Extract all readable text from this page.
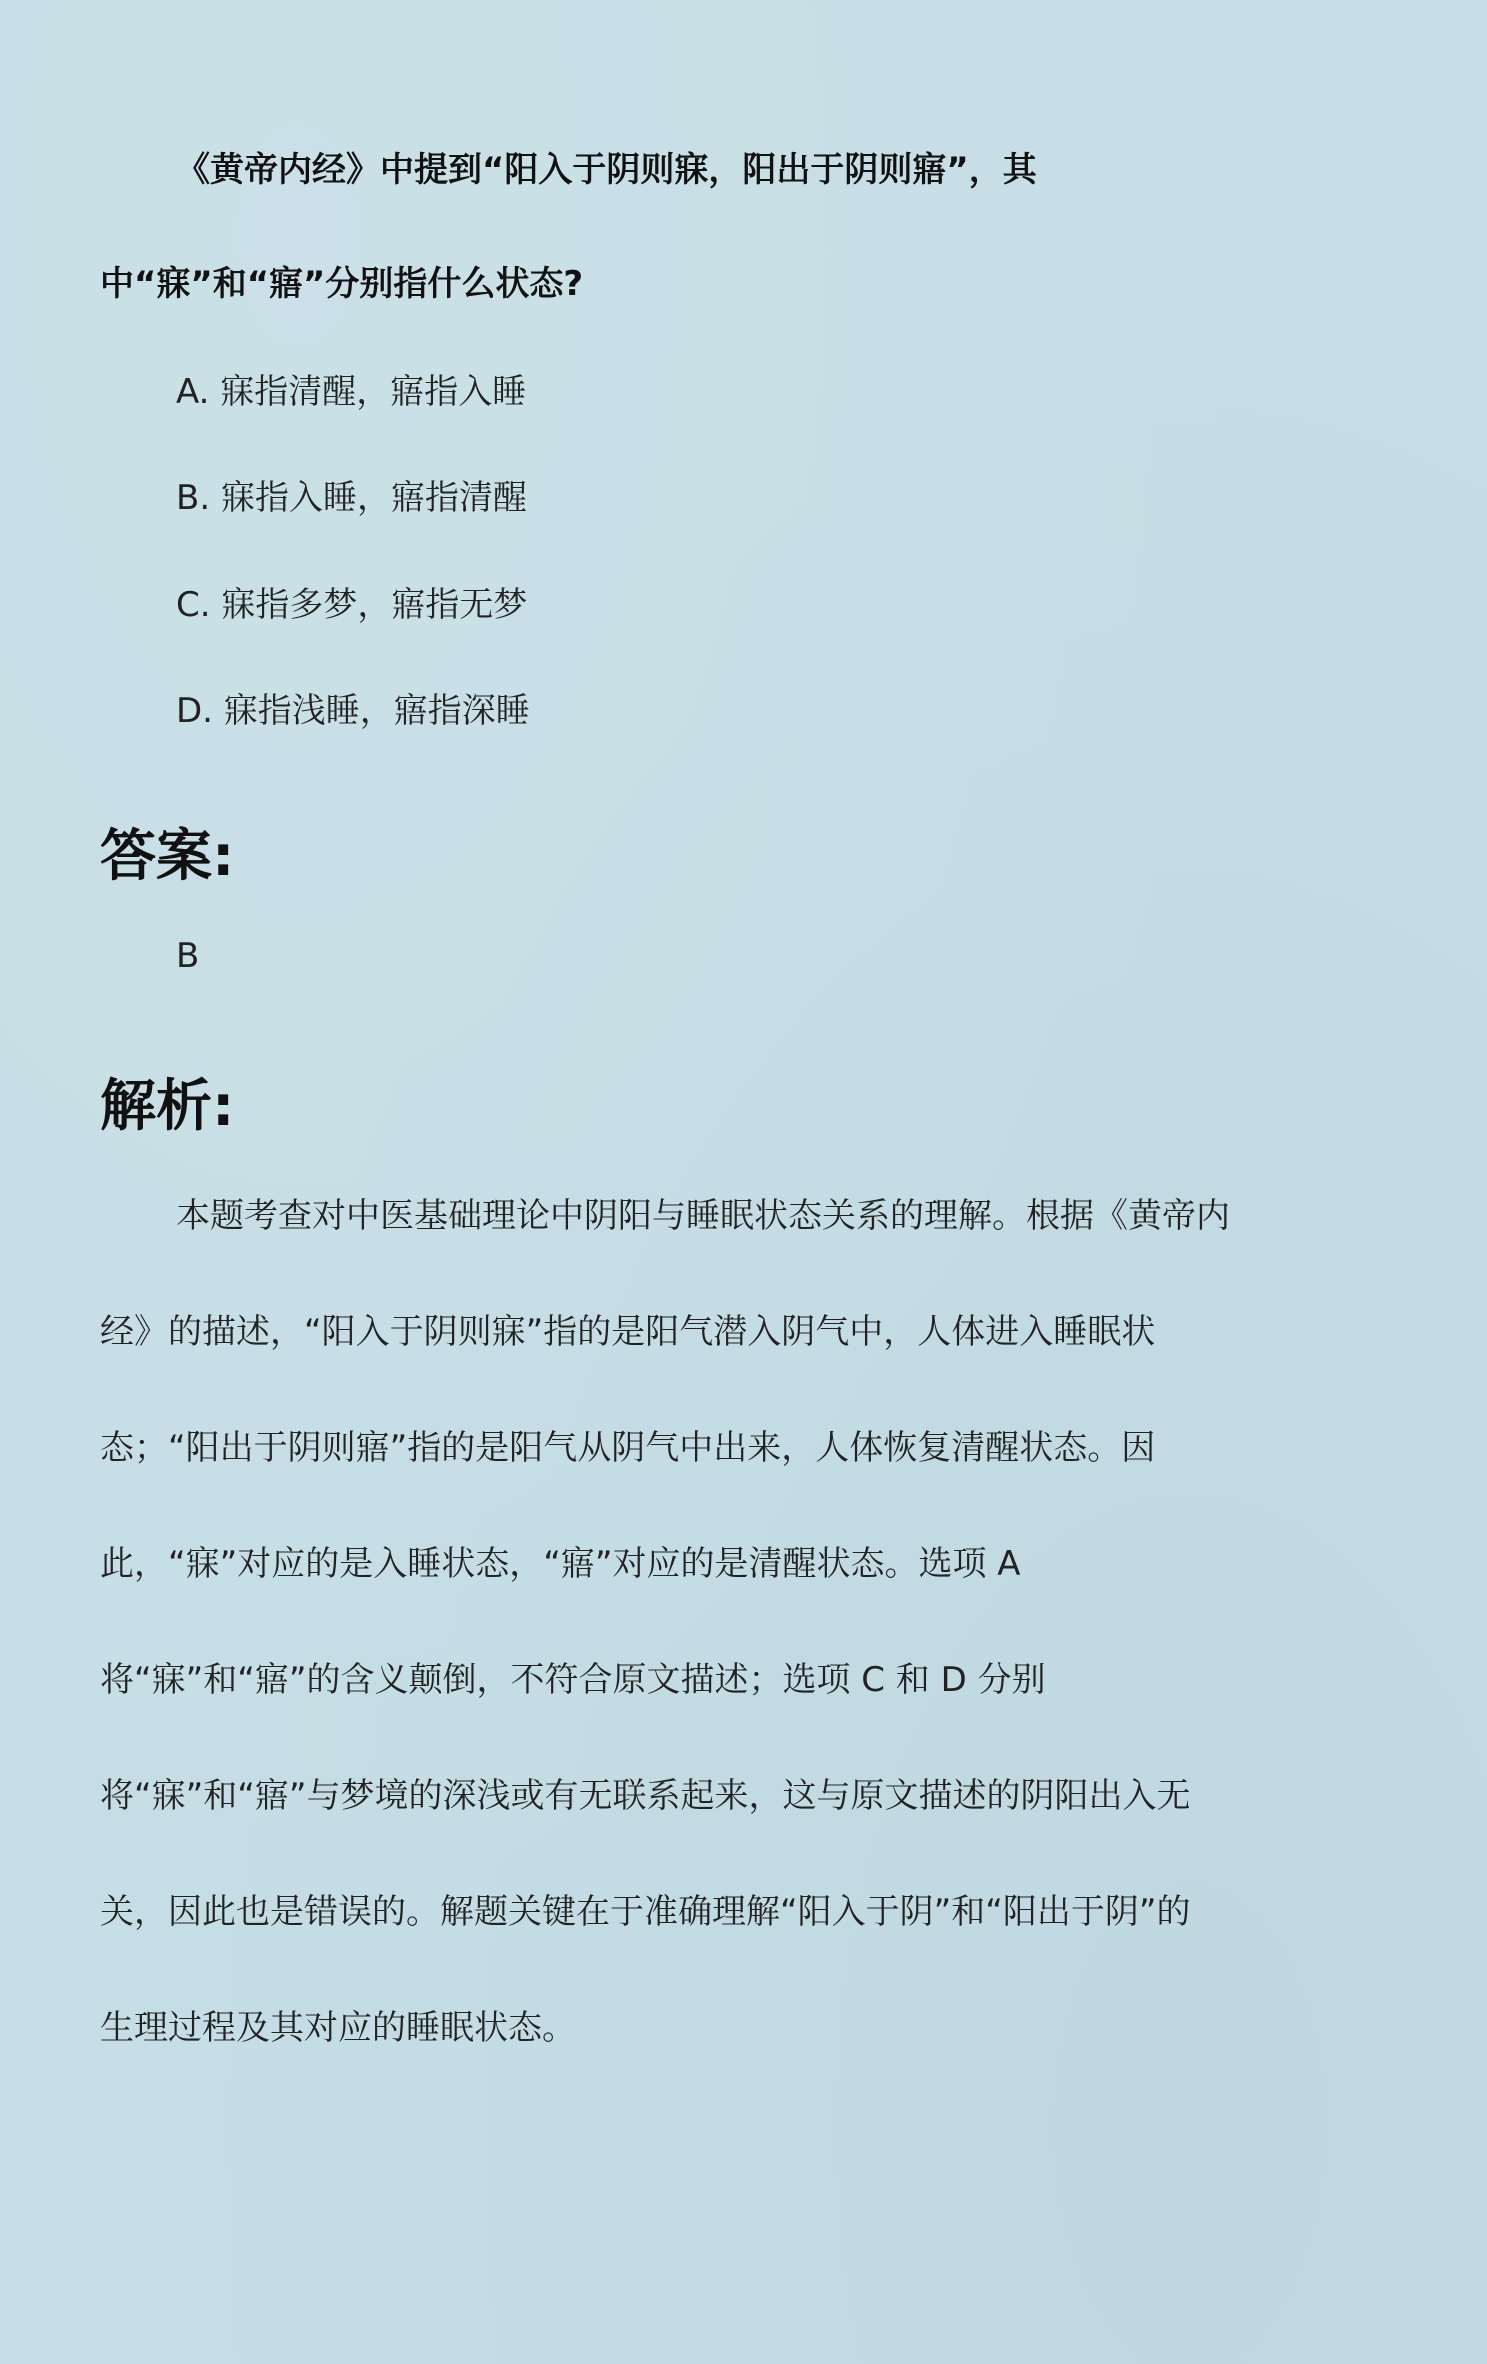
《黄帝内经》中提到“阳入于阴则寐，阳出于阴则寤”，其
中“寐”和“寤”分别指什么状态?
A. 寐指清醒，寤指入睡
B. 寐指入睡，寤指清醒
C. 寐指多梦，寤指无梦
D. 寐指浅睡，寤指深睡
答案:
B
解析:
本题考查对中医基础理论中阴阳与睡眠状态关系的理解。根据《黄帝内
经》的描述，“阳入于阴则寐”指的是阳气潜入阴气中，人体进入睡眠状
态；“阳出于阴则寤”指的是阳气从阴气中出来，人体恢复清醒状态。因
此，“寐”对应的是入睡状态，“寤”对应的是清醒状态。选项 A
将“寐”和“寤”的含义颠倒，不符合原文描述；选项 C 和 D 分别
将“寐”和“寤”与梦境的深浅或有无联系起来，这与原文描述的阴阳出入无
关，因此也是错误的。解题关键在于准确理解“阳入于阴”和“阳出于阴”的
生理过程及其对应的睡眠状态。
